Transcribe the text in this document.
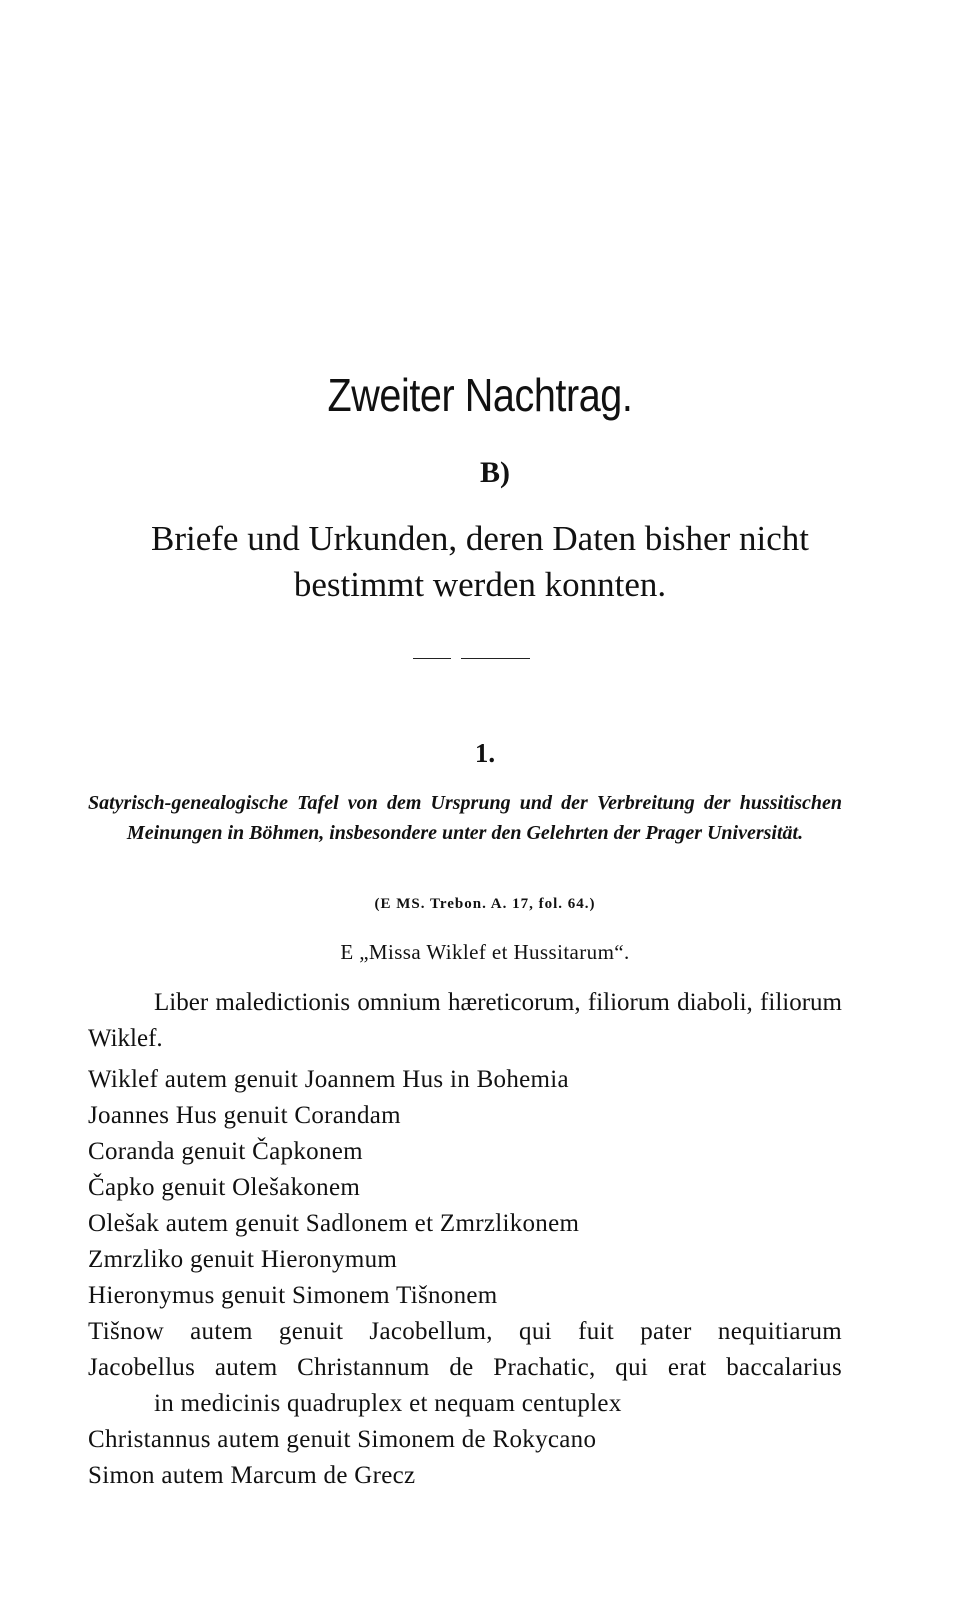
Zweiter Nachtrag.
B)
Briefe und Urkunden, deren Daten bisher nicht bestimmt werden konnten.
1.
Satyrisch-genealogische Tafel von dem Ursprung und der Verbreitung der hussitischen Meinungen in Böhmen, insbesondere unter den Gelehrten der Prager Universität.
(E MS. Trebon. A. 17, fol. 64.)
E „Missa Wiklef et Hussitarum“.
Liber maledictionis omnium hæreticorum, filiorum diaboli, filiorum Wiklef.
Wiklef autem genuit Joannem Hus in Bohemia
Joannes Hus genuit Corandam
Coranda genuit Čapkonem
Čapko genuit Olešakonem
Olešak autem genuit Sadlonem et Zmrzlikonem
Zmrzliko genuit Hieronymum
Hieronymus genuit Simonem Tišnonem
Tišnow autem genuit Jacobellum, qui fuit pater nequitiarum
Jacobellus autem Christannum de Prachatic, qui erat baccalarius
in medicinis quadruplex et nequam centuplex
Christannus autem genuit Simonem de Rokycano
Simon autem Marcum de Grecz
